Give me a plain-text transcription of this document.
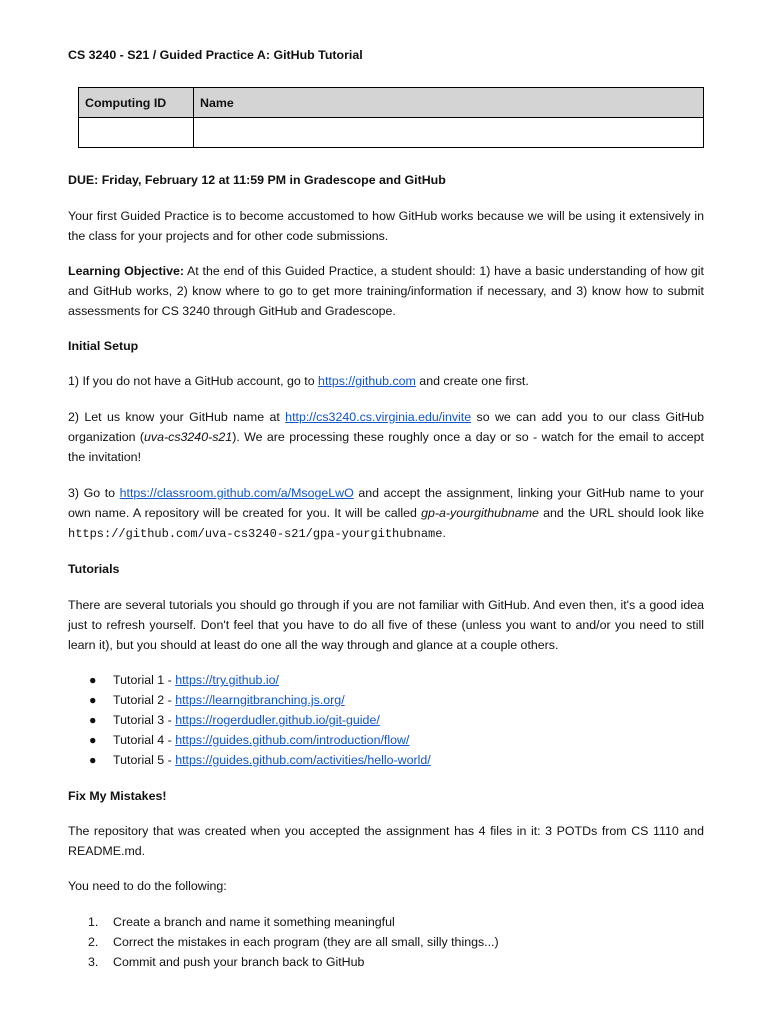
CS 3240 - S21 / Guided Practice A: GitHub Tutorial
Computing ID	Name

DUE: Friday, February 12 at 11:59 PM in Gradescope and GitHub
Your first Guided Practice is to become accustomed to how GitHub works because we will be using it extensively in the class for your projects and for other code submissions.
Learning Objective: At the end of this Guided Practice, a student should: 1) have a basic understanding of how git and GitHub works, 2) know where to go to get more training/information if necessary, and 3) know how to submit assessments for CS 3240 through GitHub and Gradescope.
Initial Setup
1) If you do not have a GitHub account, go to https://github.com and create one first.
2) Let us know your GitHub name at http://cs3240.cs.virginia.edu/invite so we can add you to our class GitHub organization (uva-cs3240-s21). We are processing these roughly once a day or so - watch for the email to accept the invitation!
3) Go to https://classroom.github.com/a/MsogeLwO and accept the assignment, linking your GitHub name to your own name. A repository will be created for you. It will be called gp-a-yourgithubname and the URL should look like https://github.com/uva-cs3240-s21/gpa-yourgithubname.
Tutorials
There are several tutorials you should go through if you are not familiar with GitHub. And even then, it's a good idea just to refresh yourself. Don't feel that you have to do all five of these (unless you want to and/or you need to still learn it), but you should at least do one all the way through and glance at a couple others.
● Tutorial 1 - https://try.github.io/
● Tutorial 2 - https://learngitbranching.js.org/
● Tutorial 3 - https://rogerdudler.github.io/git-guide/
● Tutorial 4 - https://guides.github.com/introduction/flow/
● Tutorial 5 - https://guides.github.com/activities/hello-world/
Fix My Mistakes!
The repository that was created when you accepted the assignment has 4 files in it: 3 POTDs from CS 1110 and README.md.
You need to do the following:
1. Create a branch and name it something meaningful
2. Correct the mistakes in each program (they are all small, silly things...)
3. Commit and push your branch back to GitHub
